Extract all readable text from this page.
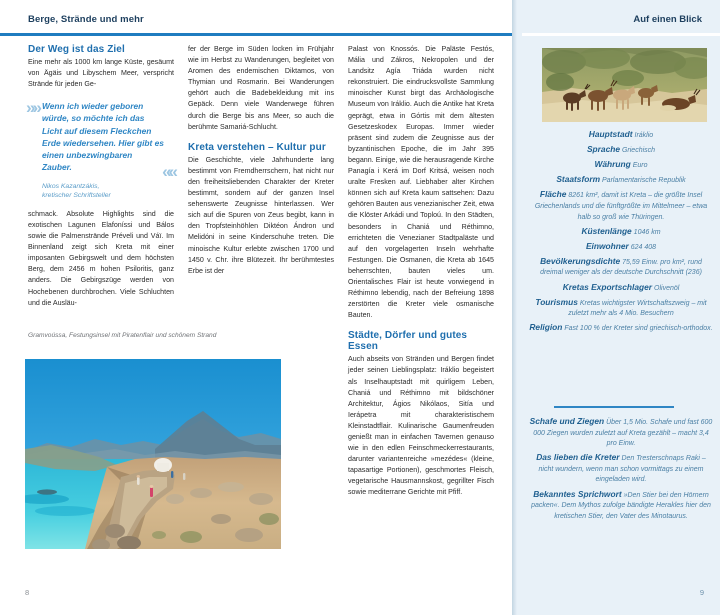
Berge, Strände und mehr
Der Weg ist das Ziel

Eine mehr als 1000 km lange Küste, gesäumt von Ägäis und Libyschem Meer, verspricht Strände für jeden Ge-

»» Wenn ich wieder geboren würde, so möchte ich das Licht auf diesem Fleckchen Erde wiedersehen. Hier gibt es einen unbezwingbaren Zauber.	««
Nikos Kazantzákis,
kretischer Schriftsteller

schmack. Absolute Highlights sind die exotischen Lagunen Elafoníssi und Bálos sowie die Palmenstrände Préveli und Váï. Im Binnenland zeigt sich Kreta mit einer imposanten Gebirgswelt und dem höchsten Berg, dem 2456 m hohen Psiloritis, ganz anders. Die Gebirgszüge werden von Hochebenen durchbrochen. Viele Schluchten und die Ausläu-

fer der Berge im Süden locken im Frühjahr wie im Herbst zu Wanderungen, begleitet von Aromen des endemischen Diktamos, von Thymian und Rosmarin. Bei Wanderungen gehört auch die Badebekleidung mit ins Gepäck. Denn viele Wanderwege führen durch die Berge bis ans Meer, so auch die berühmte Samariá-Schlucht.

Kreta verstehen – Kultur pur

Die Geschichte, viele Jahrhunderte lang bestimmt von Fremdherrschern, hat nicht nur den freiheitsliebenden Charakter der Kreter bestimmt, sondern auf der ganzen Insel sehenswerte Zeugnisse hinterlassen. Wer sich auf die Spuren von Zeus begibt, kann in den Tropfsteinhöhlen Diktéon Ándron und Melidóni in seine Kinderschuhe treten. Die minoische Kultur erlebte zwischen 1700 und 1450 v. Chr. ihre Blütezeit. Ihr berühmtestes Erbe ist der

Palast von Knossós. Die Paläste Festós, Mália und Zákros, Nekropolen und der Landsitz Agía Triáda wurden nicht rekonstruiert. Die eindrucksvollste Sammlung minoischer Kunst birgt das Archäologische Museum von Iráklio. Auch die Antike hat Kreta geprägt, etwa in Górtis mit dem ältesten Gesetzeskodex Europas. Immer wieder präsent sind zudem die Zeugnisse aus der byzantinischen Epoche, die im Jahr 395 begann. Einige, wie die herausragende Kirche Panagía i Kerá im Dorf Kritsá, weisen noch uralte Fresken auf. Liebhaber alter Kirchen können sich auf Kreta kaum sattsehen: Dazu gehören Bauten aus venezianischer Zeit, etwa die Klöster Arkádi und Toploú. In den Städten, besonders in Chaniá und Réthimno, errichteten die Venezianer Stadtpaläste und auf den vorgelagerten Inseln wehrhafte Festungen. Die Osmanen, die Kreta ab 1645 beherrschten, bauten vieles um. Orientalisches Flair ist heute vorwiegend in Réthimno lebendig, nach der Befreiung 1898 zerstörten die Kreter viele osmanische Bauten.

Städte, Dörfer und gutes Essen

Auch abseits von Stränden und Bergen findet jeder seinen Lieblingsplatz: Iráklio begeistert als Inselhauptstadt mit quirligem Leben, Chaniá und Réthimno mit bildschöner Architektur, Ágios Nikólaos, Sitía und Ierápetra mit charakteristischem Kleinstadtflair. Kulinarische Gaumenfreuden genießt man in einfachen Tavernen genauso wie in den edlen Feinschmeckerrestaurants, darunter variantenreiche »mezédes« (kleine, tapasartige Portionen), geschmortes Fleisch, vegetarische Hausmannskost, gegrillter Fisch sowie mediterrane Gerichte mit Pfiff.

Gramvoússa, Festungsinsel mit Piratenflair und schönem Strand
8
Auf einen Blick
Hauptstadt Iráklio
Sprache Griechisch
Währung Euro
Staatsform Parlamentarische Republik
Fläche 8261 km², damit ist Kreta – die größte Insel Griechenlands und die fünftgrößte im Mittelmeer – etwa halb so groß wie Thüringen.
Küstenlänge 1046 km
Einwohner 624 408
Bevölkerungsdichte 75,59 Einw. pro km², rund dreimal weniger als der deutsche Durchschnitt (236)
Kretas Exportschlager Olivenöl
Tourismus Kretas wichtigster Wirtschaftszweig – mit zuletzt mehr als 4 Mio. Besuchern
Religion Fast 100 % der Kreter sind griechisch-orthodox.
Schafe und Ziegen Über 1,5 Mio. Schafe und fast 600 000 Ziegen wurden zuletzt auf Kreta gezählt – macht 3,4 pro Einw.
Das lieben die Kreter Den Tresterschnaps Raki – nicht wundern, wenn man schon vormittags zu einem eingeladen wird.
Bekanntes Sprichwort »Den Stier bei den Hörnern packen«. Dem Mythos zufolge bändigte Herakles hier den kretischen Stier, den Vater des Minotaurus.
9
